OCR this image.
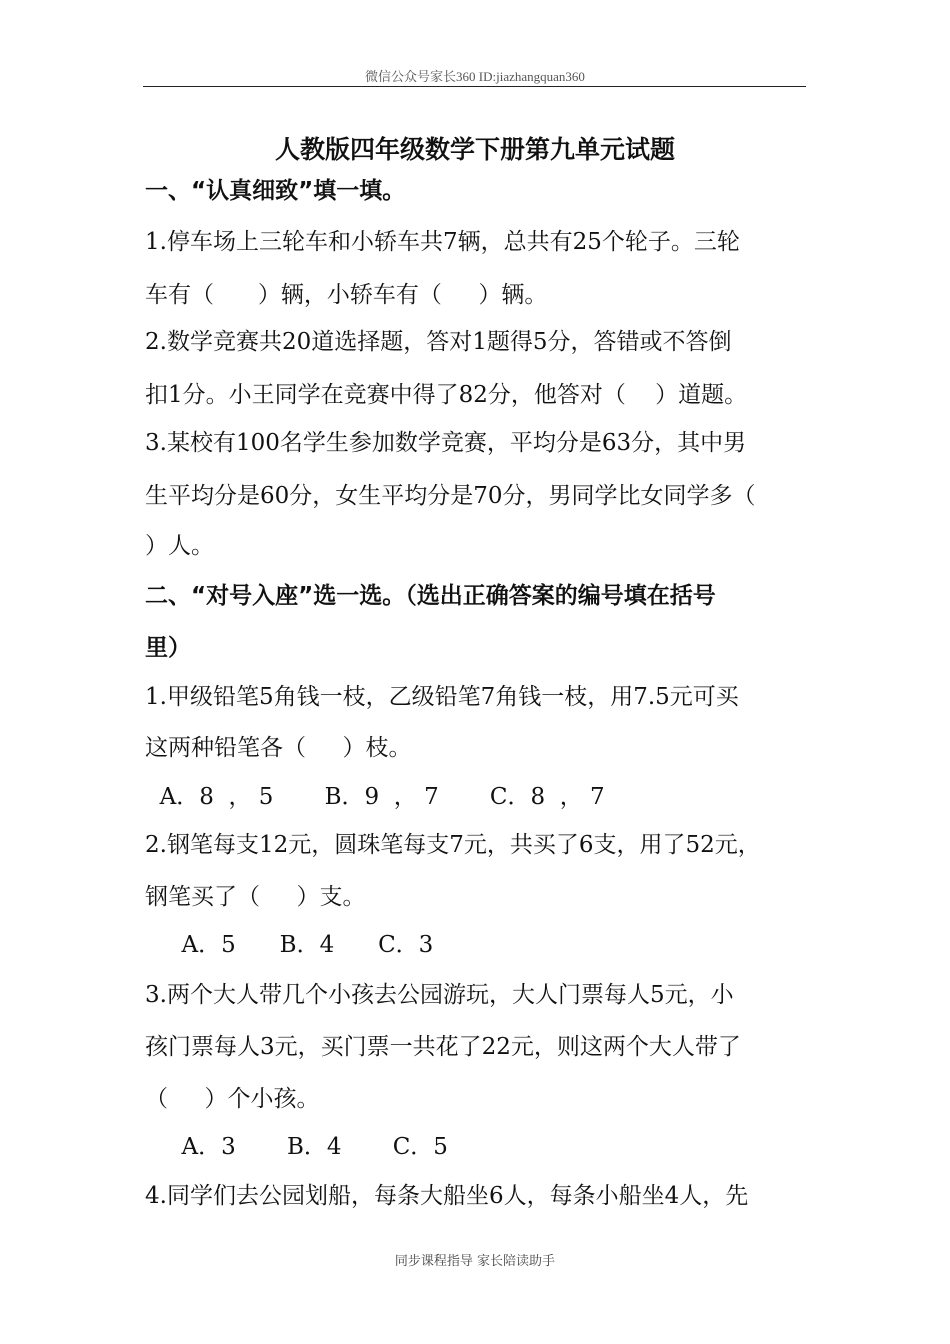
微信公众号家长360 ID:jiazhangquan360
人教版四年级数学下册第九单元试题
一、“认真细致”填一填。
1.停车场上三轮车和小轿车共7辆，总共有25个轮子。三轮
车有（      ）辆，小轿车有（     ）辆。
2.数学竞赛共20道选择题，答对1题得5分，答错或不答倒
扣1分。小王同学在竞赛中得了82分，他答对（    ）道题。
3.某校有100名学生参加数学竞赛，平均分是63分，其中男
生平均分是60分，女生平均分是70分，男同学比女同学多（
）人。
二、“对号入座”选一选。（选出正确答案的编号填在括号
里）
1.甲级铅笔5角钱一枝，乙级铅笔7角钱一枝，用7.5元可买
这两种铅笔各（     ）枝。
A．8  ， 5       B．9  ， 7       C．8  ， 7
2.钢笔每支12元，圆珠笔每支7元，共买了6支，用了52元，
钢笔买了（     ）支。
A．5      B．4      C．3
3.两个大人带几个小孩去公园游玩，大人门票每人5元，小
孩门票每人3元，买门票一共花了22元，则这两个大人带了
（     ）个小孩。
A．3       B．4       C．5
4.同学们去公园划船，每条大船坐6人，每条小船坐4人，先
同步课程指导 家长陪读助手
